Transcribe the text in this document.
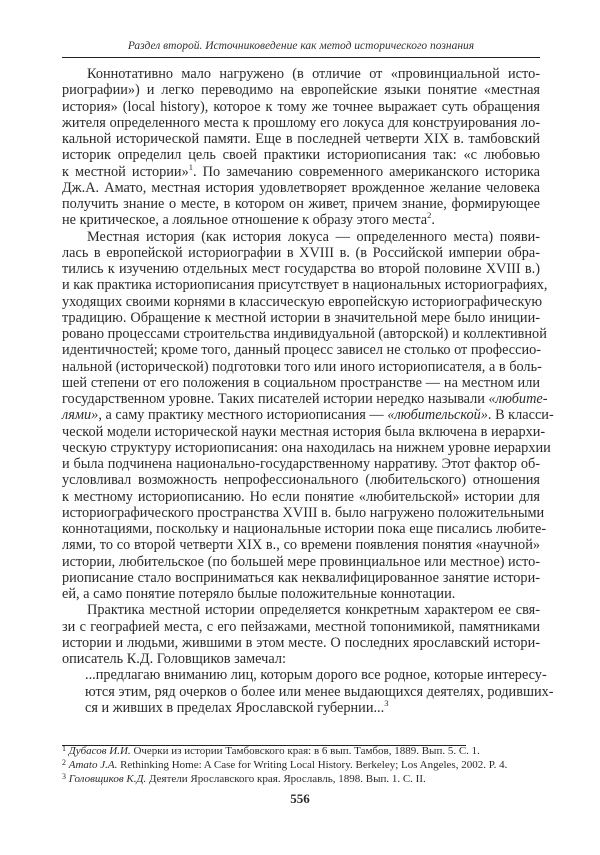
Раздел второй. Источниковедение как метод исторического познания
Коннотативно мало нагружено (в отличие от «провинциальной исто-
риографии») и легко переводимо на европейские языки понятие «местная
история» (local history), которое к тому же точнее выражает суть обращения
жителя определенного места к прошлому его локуса для конструирования ло-
кальной исторической памяти. Еще в последней четверти XIX в. тамбовский
историк определил цель своей практики историописания так: «с любовью
к местной истории»$^1$. По замечанию современного американского историка
Дж.А. Амато, местная история удовлетворяет врожденное желание человека
получить знание о месте, в котором он живет, причем знание, формирующее
не критическое, а лояльное отношение к образу этого места$^2$.
Местная история (как история локуса — определенного места) появи-
лась в европейской историографии в XVIII в. (в Российской империи обра-
тились к изучению отдельных мест государства во второй половине XVIII в.)
и как практика историописания присутствует в национальных историографиях,
уходящих своими корнями в классическую европейскую историографическую
традицию. Обращение к местной истории в значительной мере было иниции-
ровано процессами строительства индивидуальной (авторской) и коллективной
идентичностей; кроме того, данный процесс зависел не столько от профессио-
нальной (исторической) подготовки того или иного историописателя, а в боль-
шей степени от его положения в социальном пространстве — на местном или
государственном уровне. Таких писателей истории нередко называли «любите-
лями», а саму практику местного историописания — «любительской». В класси-
ческой модели исторической науки местная история была включена в иерархи-
ческую структуру историописания: она находилась на нижнем уровне иерархии
и была подчинена национально-государственному нарративу. Этот фактор об-
условливал возможность непрофессионального (любительского) отношения
к местному историописанию. Но если понятие «любительской» истории для
историографического пространства XVIII в. было нагружено положительными
коннотациями, поскольку и национальные истории пока еще писались любите-
лями, то со второй четверти XIX в., со времени появления понятия «научной»
истории, любительское (по большей мере провинциальное или местное) исто-
риописание стало восприниматься как неквалифицированное занятие истори-
ей, а само понятие потеряло былые положительные коннотации.
Практика местной истории определяется конкретным характером ее свя-
зи с географией места, с его пейзажами, местной топонимикой, памятниками
истории и людьми, жившими в этом месте. О последних ярославский истори-
описатель К.Д. Головщиков замечал:
...предлагаю вниманию лиц, которым дорого все родное, которые интересу-
ются этим, ряд очерков о более или менее выдающихся деятелях, родивших-
ся и живших в пределах Ярославской губернии...$^3$
$^1$ Дубасов И.И. Очерки из истории Тамбовского края: в 6 вып. Тамбов, 1889. Вып. 5. С. 1.
$^2$ Amato J.A. Rethinking Home: A Case for Writing Local History. Berkeley; Los Angeles, 2002. P. 4.
$^3$ Головщиков К.Д. Деятели Ярославского края. Ярославль, 1898. Вып. 1. С. II.
556
